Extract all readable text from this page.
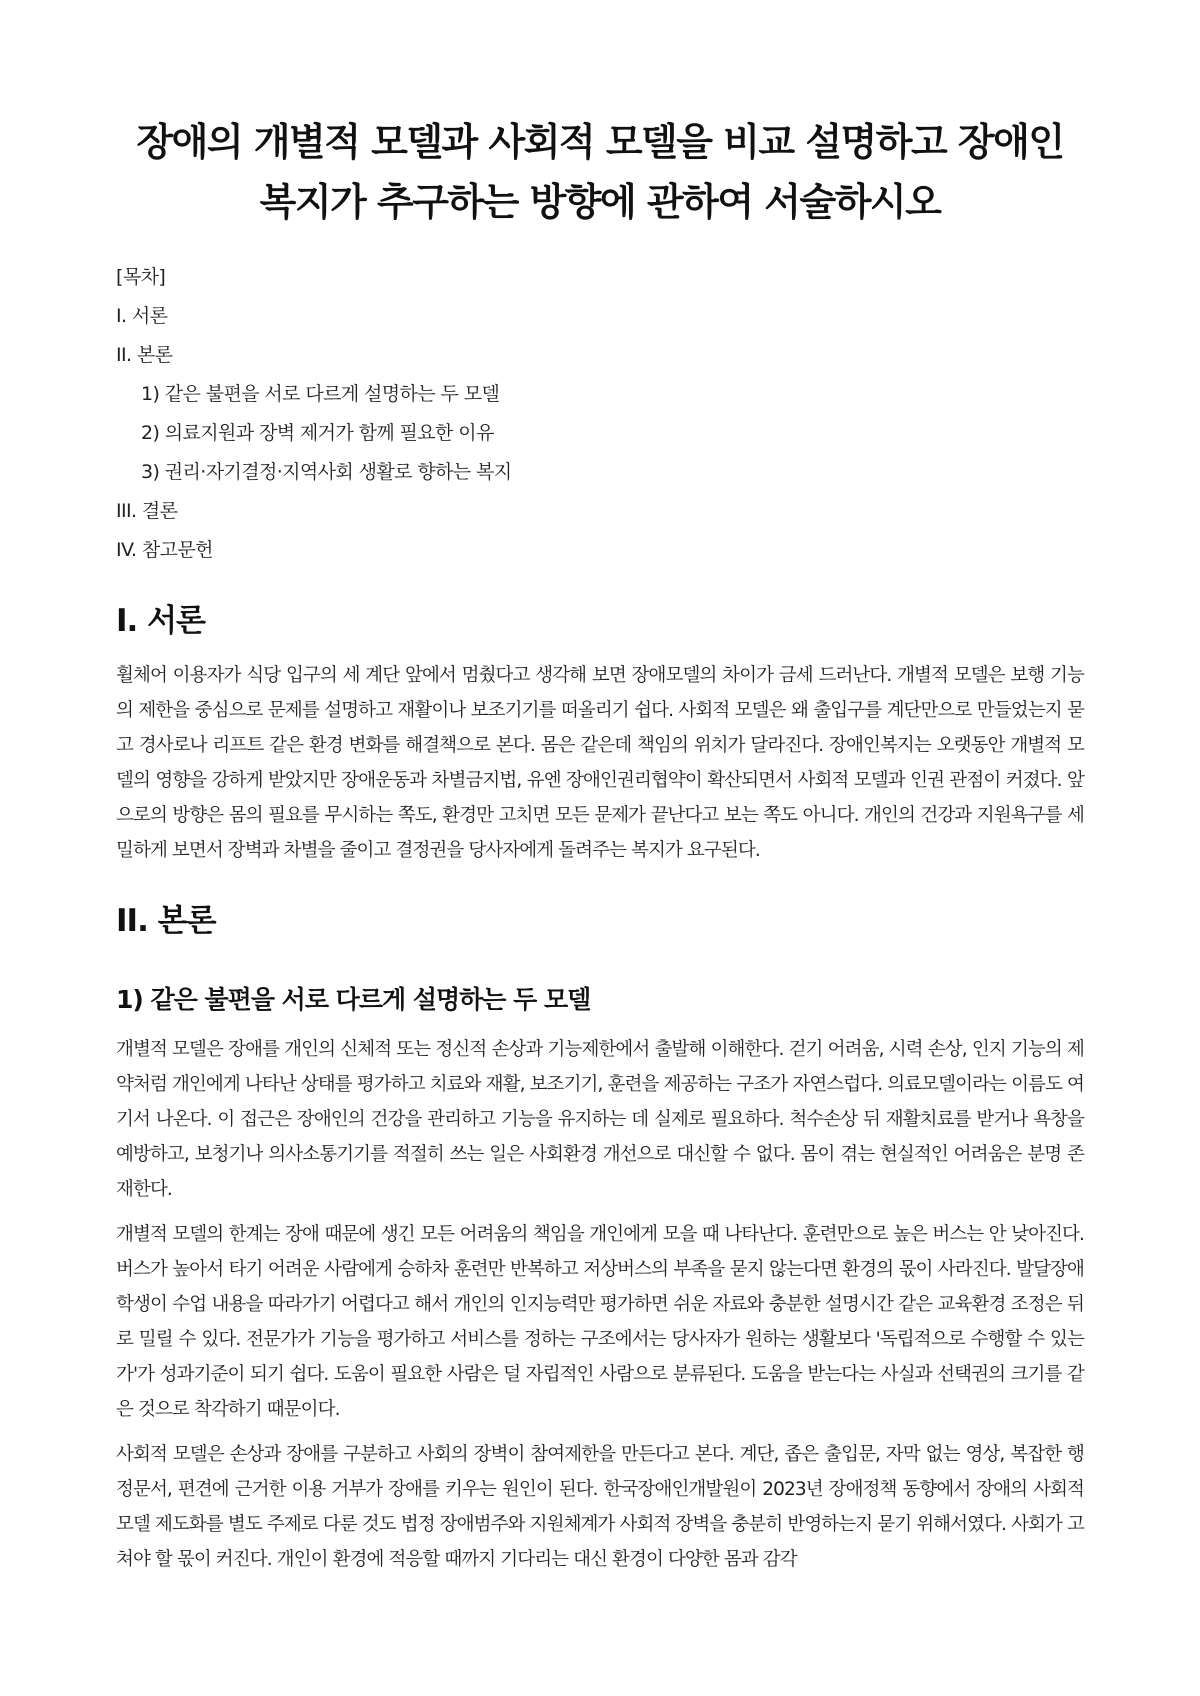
장애의 개별적 모델과 사회적 모델을 비교 설명하고 장애인 복지가 추구하는 방향에 관하여 서술하시오
[목차]
I. 서론
II. 본론
1) 같은 불편을 서로 다르게 설명하는 두 모델
2) 의료지원과 장벽 제거가 함께 필요한 이유
3) 권리·자기결정·지역사회 생활로 향하는 복지
III. 결론
IV. 참고문헌
I. 서론

휠체어 이용자가 식당 입구의 세 계단 앞에서 멈췄다고 생각해 보면 장애모델의 차이가 금세 드러난다. 개별적 모델은 보행 기능의 제한을 중심으로 문제를 설명하고 재활이나 보조기기를 떠올리기 쉽다. 사회적 모델은 왜 출입구를 계단만으로 만들었는지 묻고 경사로나 리프트 같은 환경 변화를 해결책으로 본다. 몸은 같은데 책임의 위치가 달라진다. 장애인복지는 오랫동안 개별적 모델의 영향을 강하게 받았지만 장애운동과 차별금지법, 유엔 장애인권리협약이 확산되면서 사회적 모델과 인권 관점이 커졌다. 앞으로의 방향은 몸의 필요를 무시하는 쪽도, 환경만 고치면 모든 문제가 끝난다고 보는 쪽도 아니다. 개인의 건강과 지원욕구를 세밀하게 보면서 장벽과 차별을 줄이고 결정권을 당사자에게 돌려주는 복지가 요구된다.

II. 본론
1) 같은 불편을 서로 다르게 설명하는 두 모델

개별적 모델은 장애를 개인의 신체적 또는 정신적 손상과 기능제한에서 출발해 이해한다. 걷기 어려움, 시력 손상, 인지 기능의 제약처럼 개인에게 나타난 상태를 평가하고 치료와 재활, 보조기기, 훈련을 제공하는 구조가 자연스럽다. 의료모델이라는 이름도 여기서 나온다. 이 접근은 장애인의 건강을 관리하고 기능을 유지하는 데 실제로 필요하다. 척수손상 뒤 재활치료를 받거나 욕창을 예방하고, 보청기나 의사소통기기를 적절히 쓰는 일은 사회환경 개선으로 대신할 수 없다. 몸이 겪는 현실적인 어려움은 분명 존재한다.

개별적 모델의 한계는 장애 때문에 생긴 모든 어려움의 책임을 개인에게 모을 때 나타난다. 훈련만으로 높은 버스는 안 낮아진다. 버스가 높아서 타기 어려운 사람에게 승하차 훈련만 반복하고 저상버스의 부족을 묻지 않는다면 환경의 몫이 사라진다. 발달장애학생이 수업 내용을 따라가기 어렵다고 해서 개인의 인지능력만 평가하면 쉬운 자료와 충분한 설명시간 같은 교육환경 조정은 뒤로 밀릴 수 있다. 전문가가 기능을 평가하고 서비스를 정하는 구조에서는 당사자가 원하는 생활보다 '독립적으로 수행할 수 있는가'가 성과기준이 되기 쉽다. 도움이 필요한 사람은 덜 자립적인 사람으로 분류된다. 도움을 받는다는 사실과 선택권의 크기를 같은 것으로 착각하기 때문이다.

사회적 모델은 손상과 장애를 구분하고 사회의 장벽이 참여제한을 만든다고 본다. 계단, 좁은 출입문, 자막 없는 영상, 복잡한 행정문서, 편견에 근거한 이용 거부가 장애를 키우는 원인이 된다. 한국장애인개발원이 2023년 장애정책 동향에서 장애의 사회적 모델 제도화를 별도 주제로 다룬 것도 법정 장애범주와 지원체계가 사회적 장벽을 충분히 반영하는지 묻기 위해서였다. 사회가 고쳐야 할 몫이 커진다. 개인이 환경에 적응할 때까지 기다리는 대신 환경이 다양한 몸과 감각
